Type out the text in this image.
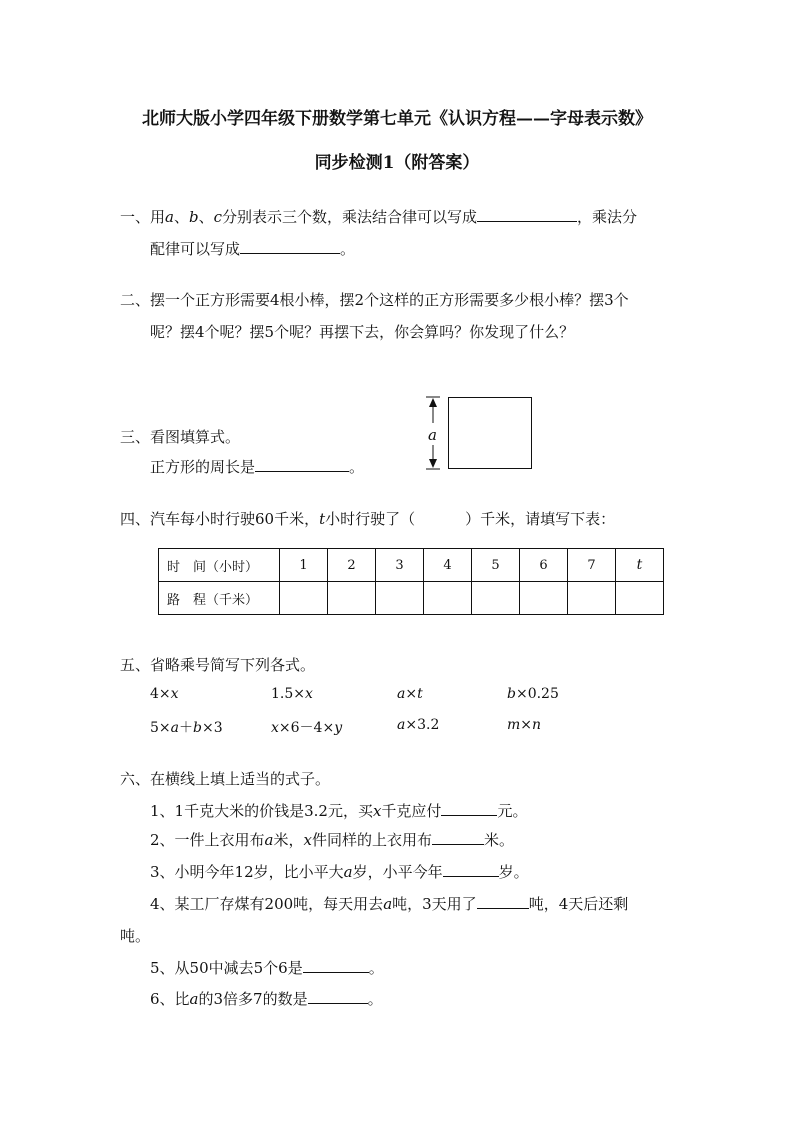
北师大版小学四年级下册数学第七单元《认识方程——字母表示数》
同步检测1（附答案）
一、用a、b、c分别表示三个数，乘法结合律可以写成	，乘法分
配律可以写成	。
二、摆一个正方形需要4根小棒，摆2个这样的正方形需要多少根小棒？摆3个
呢？摆4个呢？摆5个呢？再摆下去，你会算吗？你发现了什么？
三、看图填算式。
正方形的周长是	。
a
四、汽车每小时行驶60千米，t小时行驶了（	）千米，请填写下表：
时　间（小时）	1	2	3	4	5	6	7	t
路　程（千米）								
五、省略乘号简写下列各式。
4×x	1.5×x	a×t	b×0.25
5×a＋b×3	x×6－4×y	a×3.2	m×n
六、在横线上填上适当的式子。
1、1千克大米的价钱是3.2元，买x千克应付	元。
2、一件上衣用布a米，x件同样的上衣用布	米。
3、小明今年12岁，比小平大a岁，小平今年	岁。
4、某工厂存煤有200吨，每天用去a吨，3天用了	吨，4天后还剩
吨。
5、从50中减去5个6是	。
6、比a的3倍多7的数是	。
